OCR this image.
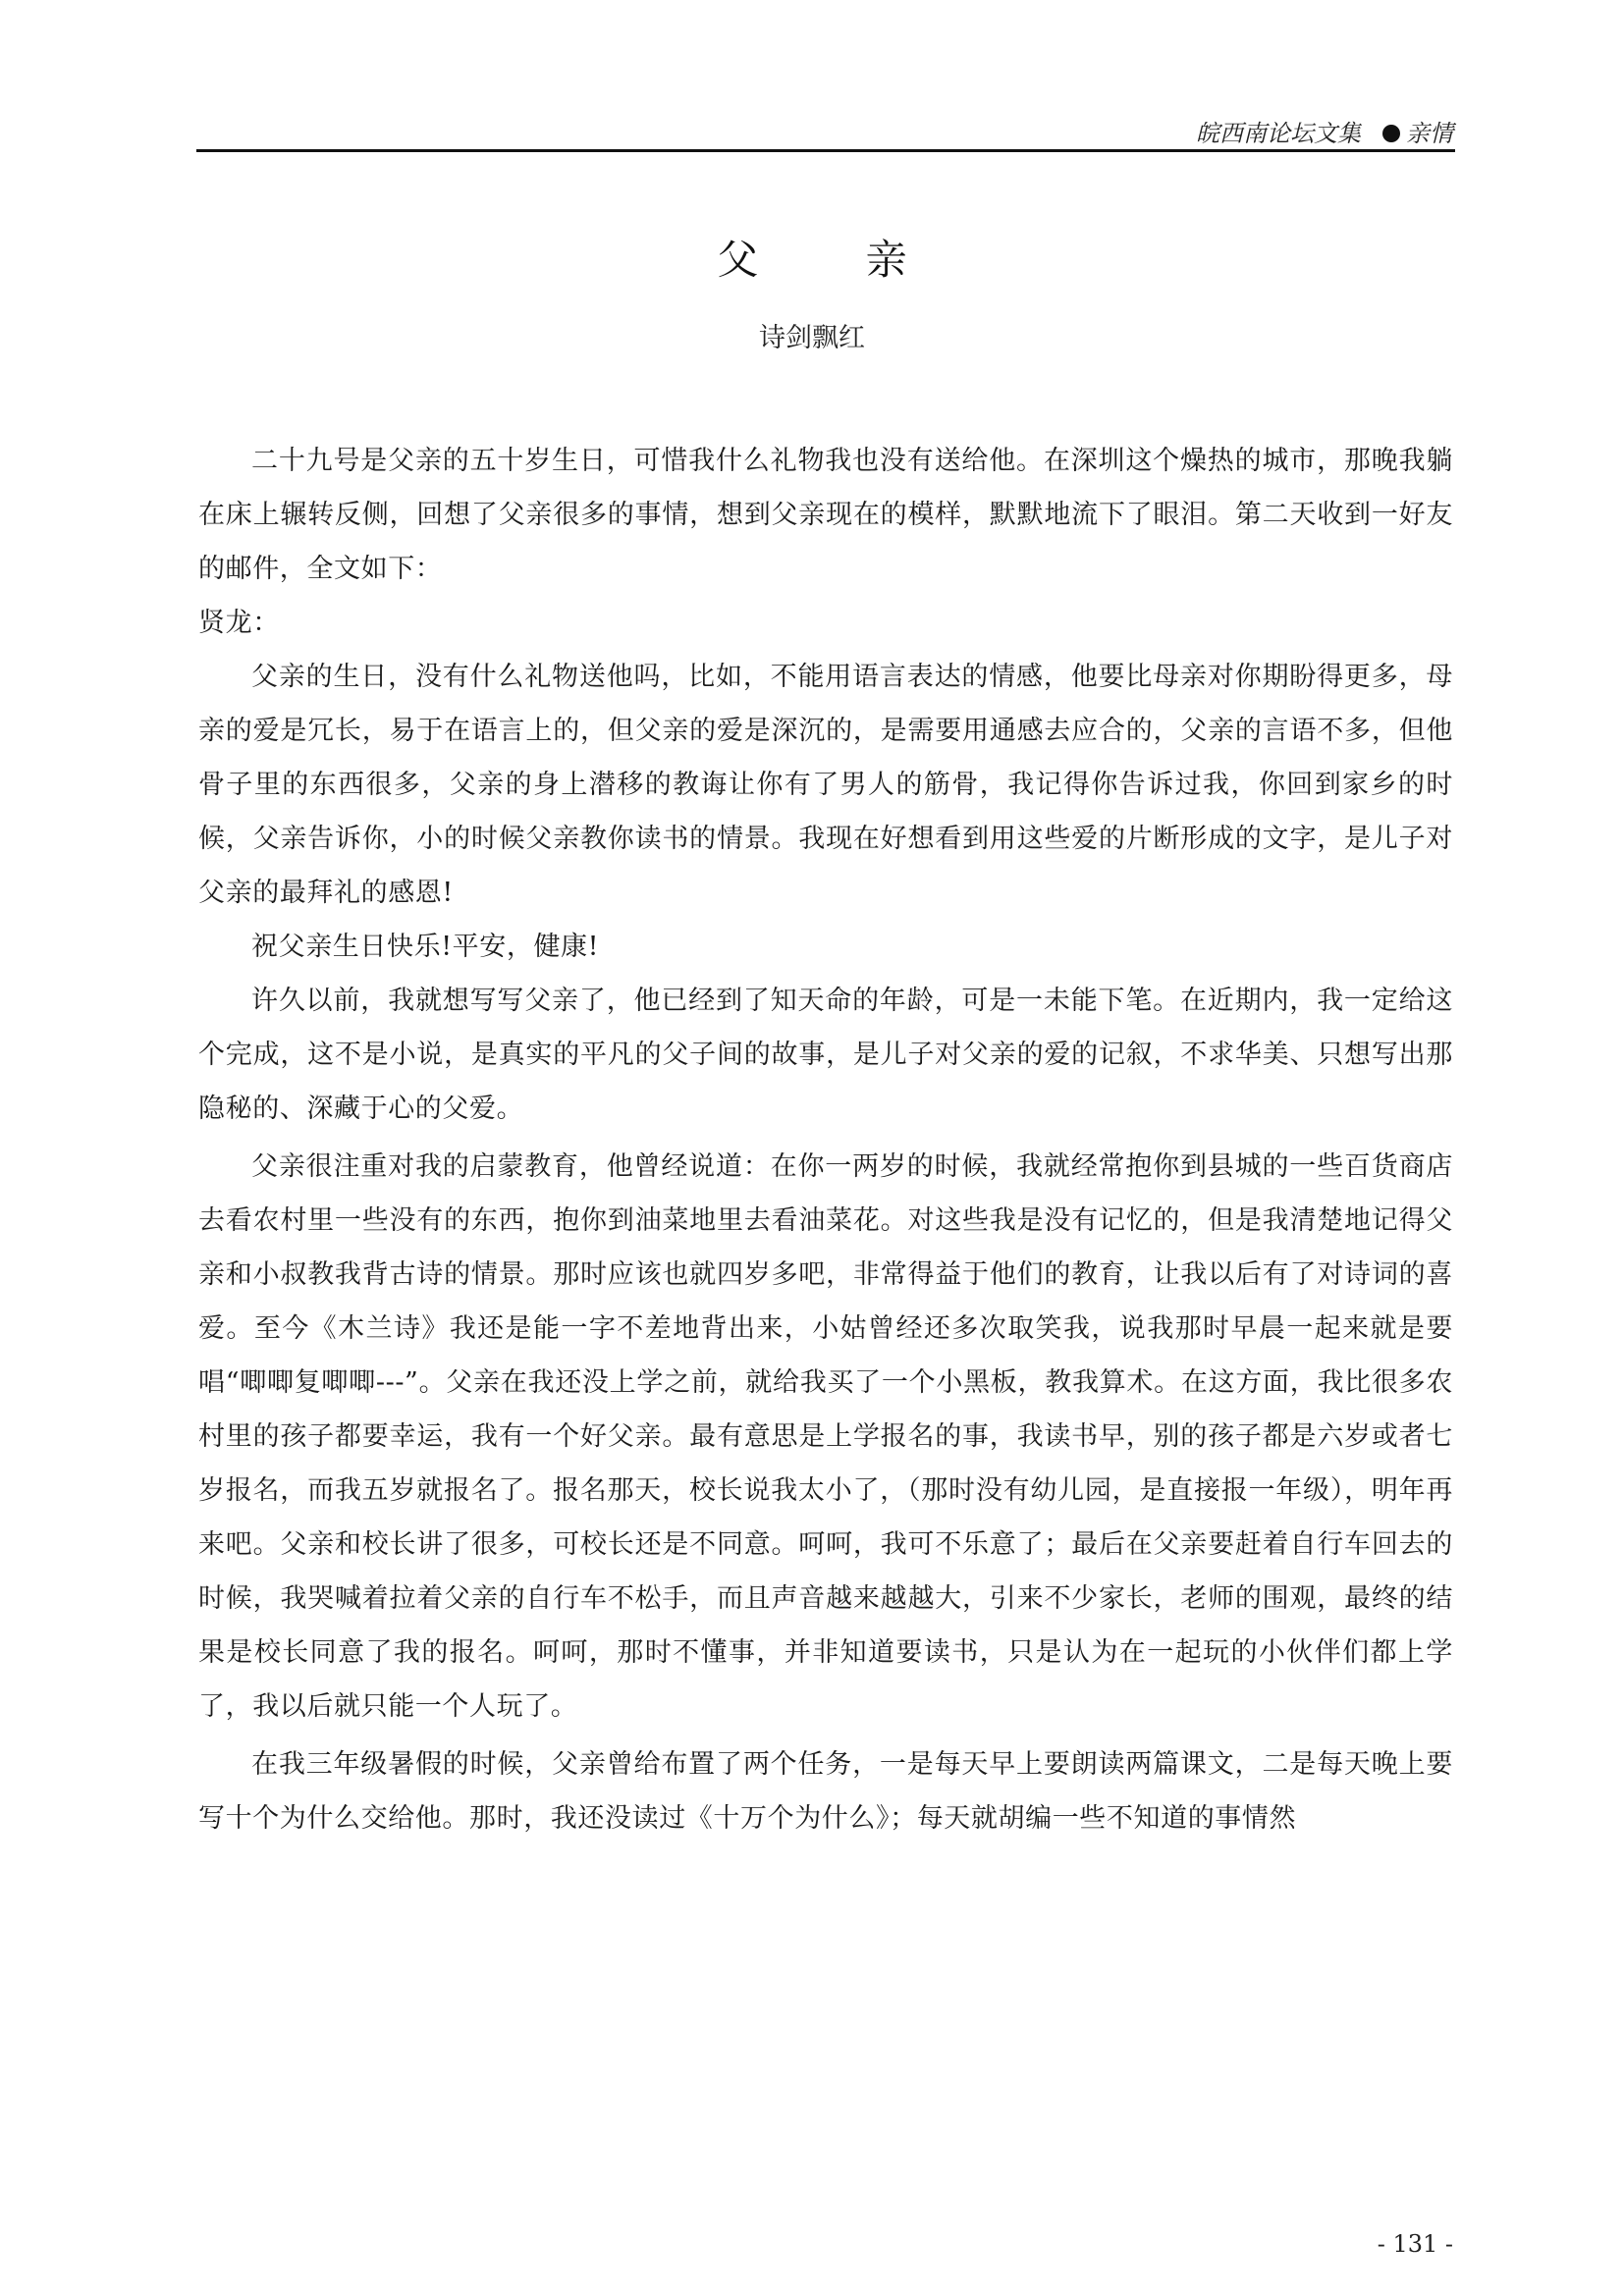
皖西南论坛文集 亲情
父 亲
诗剑飘红

二十九号是父亲的五十岁生日，可惜我什么礼物我也没有送给他。在深圳这个燥热的城市，那晚我躺在床上辗转反侧，回想了父亲很多的事情，想到父亲现在的模样，默默地流下了眼泪。第二天收到一好友的邮件，全文如下：

贤龙：

父亲的生日，没有什么礼物送他吗，比如，不能用语言表达的情感，他要比母亲对你期盼得更多，母亲的爱是冗长，易于在语言上的，但父亲的爱是深沉的，是需要用通感去应合的，父亲的言语不多，但他骨子里的东西很多，父亲的身上潜移的教诲让你有了男人的筋骨，我记得你告诉过我，你回到家乡的时候，父亲告诉你，小的时候父亲教你读书的情景。我现在好想看到用这些爱的片断形成的文字，是儿子对父亲的最拜礼的感恩!

祝父亲生日快乐!平安，健康!

许久以前，我就想写写父亲了，他已经到了知天命的年龄，可是一未能下笔。在近期内，我一定给这个完成，这不是小说，是真实的平凡的父子间的故事，是儿子对父亲的爱的记叙，不求华美、只想写出那隐秘的、深藏于心的父爱。

父亲很注重对我的启蒙教育，他曾经说道：在你一两岁的时候，我就经常抱你到县城的一些百货商店去看农村里一些没有的东西，抱你到油菜地里去看油菜花。对这些我是没有记忆的，但是我清楚地记得父亲和小叔教我背古诗的情景。那时应该也就四岁多吧，非常得益于他们的教育，让我以后有了对诗词的喜爱。至今《木兰诗》我还是能一字不差地背出来，小姑曾经还多次取笑我，说我那时早晨一起来就是要唱“唧唧复唧唧---”。父亲在我还没上学之前，就给我买了一个小黑板，教我算术。在这方面，我比很多农村里的孩子都要幸运，我有一个好父亲。最有意思是上学报名的事，我读书早，别的孩子都是六岁或者七岁报名，而我五岁就报名了。报名那天，校长说我太小了，（那时没有幼儿园，是直接报一年级），明年再来吧。父亲和校长讲了很多，可校长还是不同意。呵呵，我可不乐意了；最后在父亲要赶着自行车回去的时候，我哭喊着拉着父亲的自行车不松手，而且声音越来越越大，引来不少家长，老师的围观，最终的结果是校长同意了我的报名。呵呵，那时不懂事，并非知道要读书，只是认为在一起玩的小伙伴们都上学了，我以后就只能一个人玩了。

在我三年级暑假的时候，父亲曾给布置了两个任务，一是每天早上要朗读两篇课文，二是每天晚上要写十个为什么交给他。那时，我还没读过《十万个为什么》；每天就胡编一些不知道的事情然

- 131 -
